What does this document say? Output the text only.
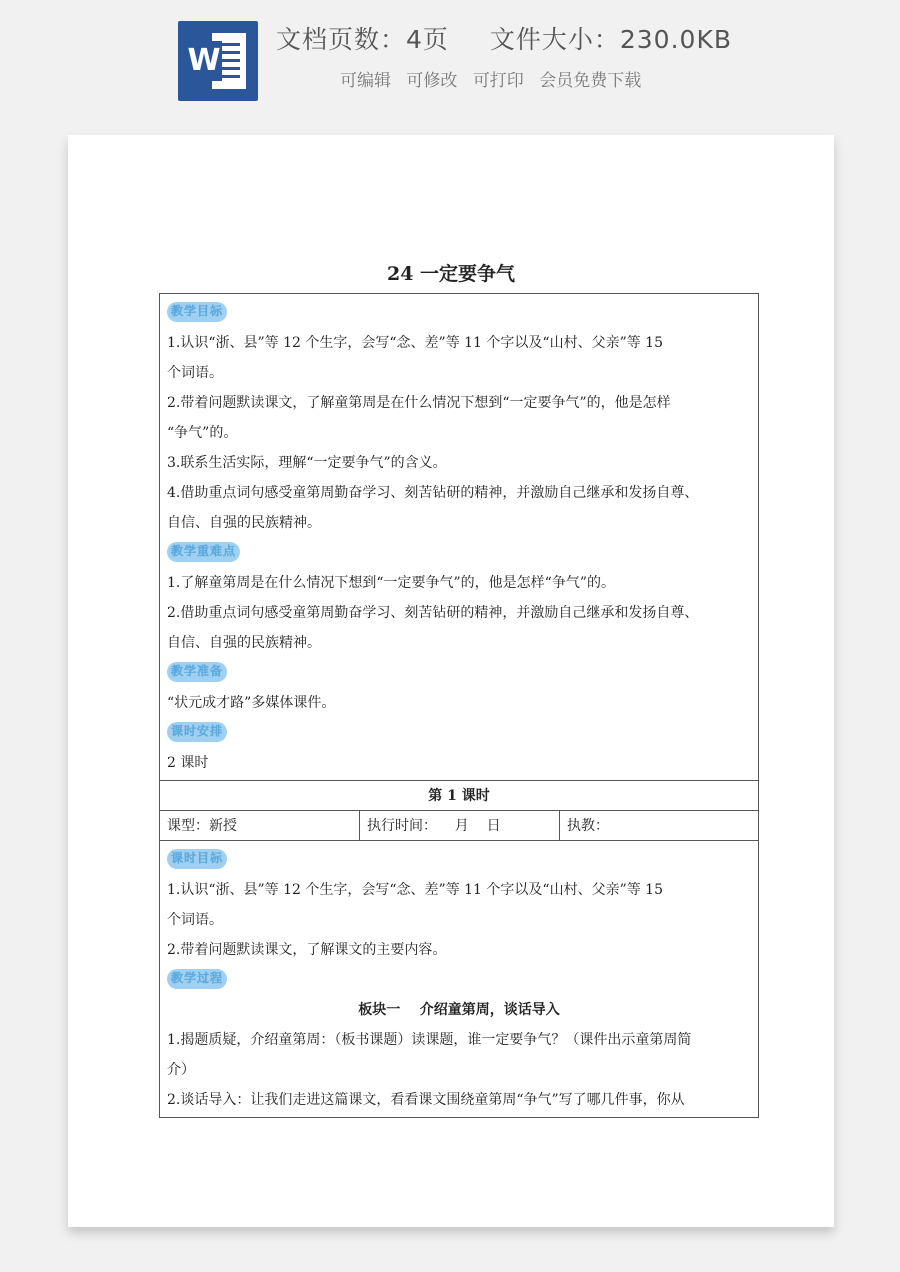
W
文档页数：4页 文件大小：230.0KB
可编辑 可修改 可打印 会员免费下载
24 一定要争气
教学目标
1.认识“浙、县”等 12 个生字，会写“念、差”等 11 个字以及“山村、父亲”等 15
个词语。
2.带着问题默读课文，了解童第周是在什么情况下想到“一定要争气”的，他是怎样
“争气”的。
3.联系生活实际，理解“一定要争气”的含义。
4.借助重点词句感受童第周勤奋学习、刻苦钻研的精神，并激励自己继承和发扬自尊、
自信、自强的民族精神。
教学重难点
1.了解童第周是在什么情况下想到“一定要争气”的，他是怎样“争气”的。
2.借助重点词句感受童第周勤奋学习、刻苦钻研的精神，并激励自己继承和发扬自尊、
自信、自强的民族精神。
教学准备
“状元成才路”多媒体课件。
课时安排
2 课时
第 1 课时
课型：新授	执行时间：    月    日	执教：
课时目标
1.认识“浙、县”等 12 个生字，会写“念、差”等 11 个字以及“山村、父亲”等 15
个词语。
2.带着问题默读课文，了解课文的主要内容。
教学过程
板块一    介绍童第周，谈话导入
1.揭题质疑，介绍童第周：（板书课题）读课题，谁一定要争气？（课件出示童第周简
介）
2.谈话导入：让我们走进这篇课文，看看课文围绕童第周“争气”写了哪几件事，你从
